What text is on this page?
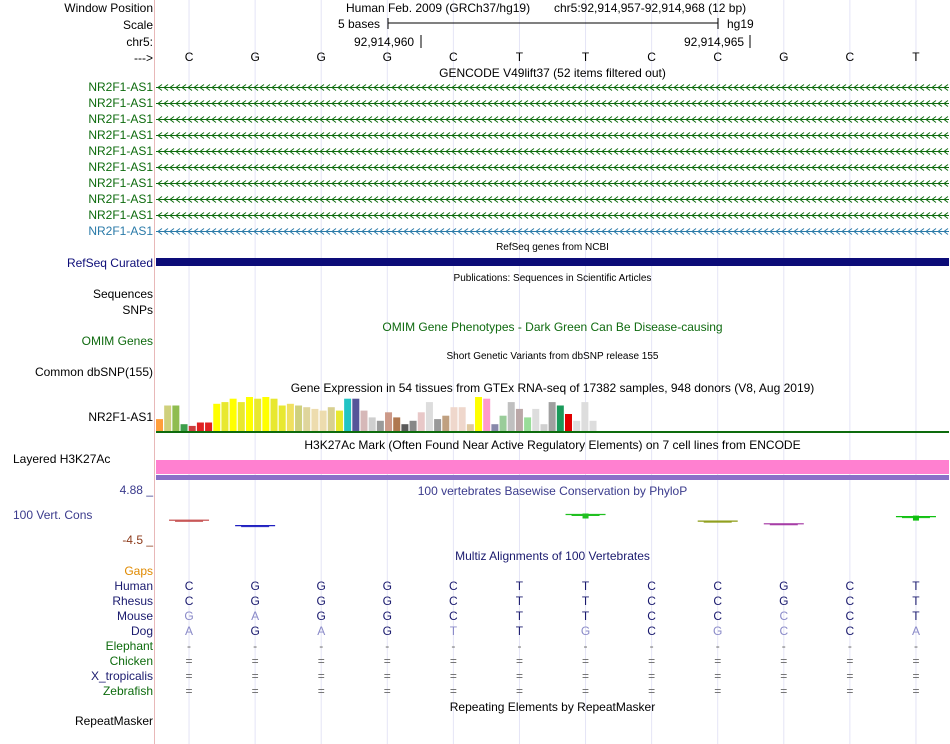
Window Position	Human Feb. 2009 (GRCh37/hg19) chr5:92,914,957-92,914,968 (12 bp)
Scale	5 bases	hg19
chr5:	92,914,960	92,914,965
--->	C	G	G	G	C	T	T	C	C	G	C	T
GENCODE V49lift37 (52 items filtered out)
NR2F1-AS1
NR2F1-AS1
NR2F1-AS1
NR2F1-AS1
NR2F1-AS1
NR2F1-AS1
NR2F1-AS1
NR2F1-AS1
NR2F1-AS1
NR2F1-AS1
RefSeq genes from NCBI
RefSeq Curated
Publications: Sequences in Scientific Articles
Sequences
SNPs
OMIM Gene Phenotypes - Dark Green Can Be Disease-causing
OMIM Genes
Short Genetic Variants from dbSNP release 155
Common dbSNP(155)
Gene Expression in 54 tissues from GTEx RNA-seq of 17382 samples, 948 donors (V8, Aug 2019)
NR2F1-AS1
H3K27Ac Mark (Often Found Near Active Regulatory Elements) on 7 cell lines from ENCODE
Layered H3K27Ac
100 vertebrates Basewise Conservation by PhyloP
4.88 _
100 Vert. Cons
-4.5 _
Multiz Alignments of 100 Vertebrates
Gaps
Human	C	G	G	G	C	T	T	C	C	G	C	T
Rhesus	C	G	G	G	C	T	T	C	C	G	C	T
Mouse	G	A	G	G	C	T	T	C	C	C	C	T
Dog	A	G	A	G	T	T	G	C	G	C	C	A
Elephant	-	-	-	-	-	-	-	-	-	-	-	-
Chicken	=	=	=	=	=	=	=	=	=	=	=	=
X_tropicalis	=	=	=	=	=	=	=	=	=	=	=	=
Zebrafish	=	=	=	=	=	=	=	=	=	=	=	=
Repeating Elements by RepeatMasker
RepeatMasker
